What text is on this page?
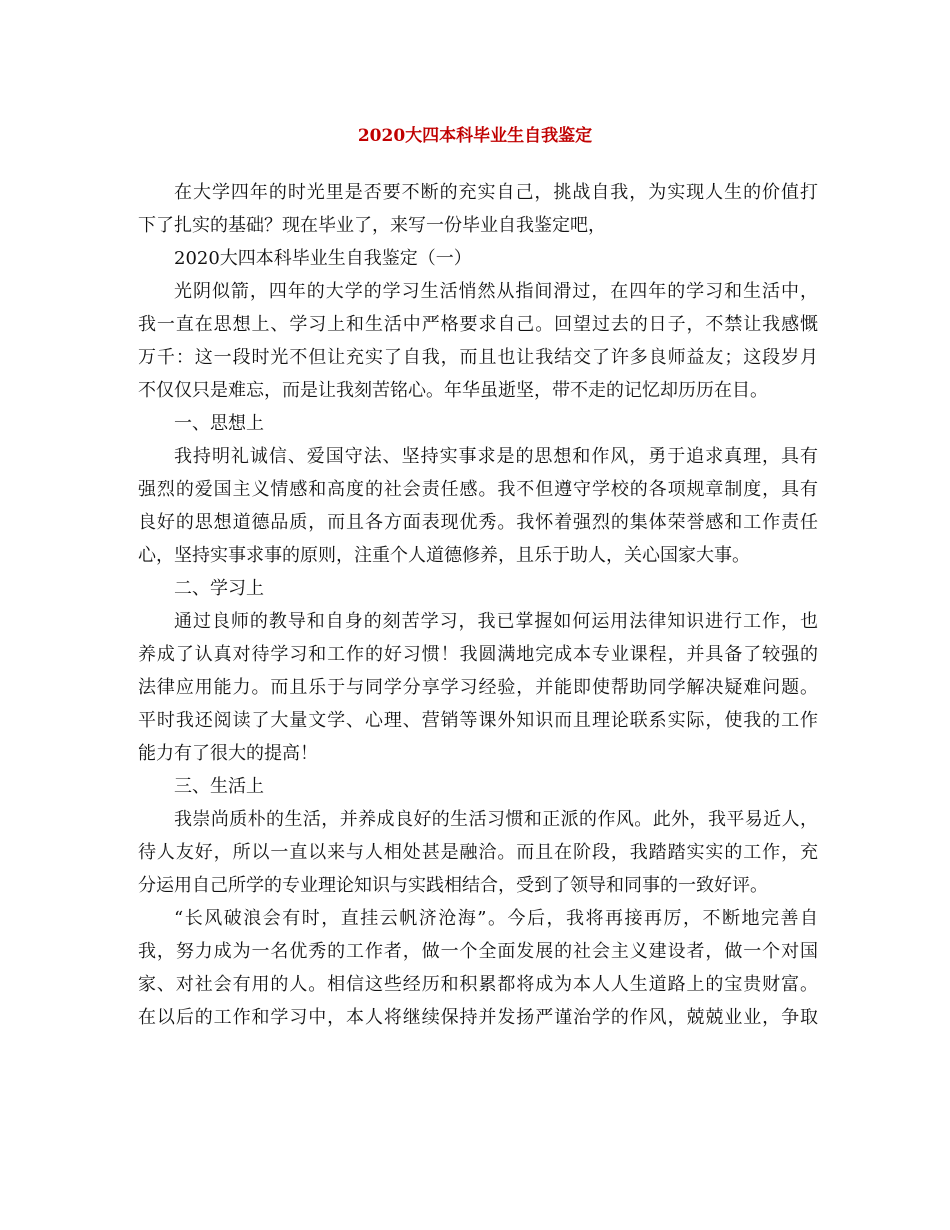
2020大四本科毕业生自我鉴定
在大学四年的时光里是否要不断的充实自己，挑战自我，为实现人生的价值打
下了扎实的基础？现在毕业了，来写一份毕业自我鉴定吧，
2020大四本科毕业生自我鉴定（一）
光阴似箭，四年的大学的学习生活悄然从指间滑过，在四年的学习和生活中，
我一直在思想上、学习上和生活中严格要求自己。回望过去的日子，不禁让我感慨
万千：这一段时光不但让充实了自我，而且也让我结交了许多良师益友；这段岁月
不仅仅只是难忘，而是让我刻苦铭心。年华虽逝坚，带不走的记忆却历历在目。
一、思想上
我持明礼诚信、爱国守法、坚持实事求是的思想和作风，勇于追求真理，具有
强烈的爱国主义情感和高度的社会责任感。我不但遵守学校的各项规章制度，具有
良好的思想道德品质，而且各方面表现优秀。我怀着强烈的集体荣誉感和工作责任
心，坚持实事求事的原则，注重个人道德修养，且乐于助人，关心国家大事。
二、学习上
通过良师的教导和自身的刻苦学习，我已掌握如何运用法律知识进行工作，也
养成了认真对待学习和工作的好习惯！我圆满地完成本专业课程，并具备了较强的
法律应用能力。而且乐于与同学分享学习经验，并能即使帮助同学解决疑难问题。
平时我还阅读了大量文学、心理、营销等课外知识而且理论联系实际，使我的工作
能力有了很大的提高！
三、生活上
我崇尚质朴的生活，并养成良好的生活习惯和正派的作风。此外，我平易近人，
待人友好，所以一直以来与人相处甚是融洽。而且在阶段，我踏踏实实的工作，充
分运用自己所学的专业理论知识与实践相结合，受到了领导和同事的一致好评。
“长风破浪会有时，直挂云帆济沧海”。今后，我将再接再厉，不断地完善自
我，努力成为一名优秀的工作者，做一个全面发展的社会主义建设者，做一个对国
家、对社会有用的人。相信这些经历和积累都将成为本人人生道路上的宝贵财富。
在以后的工作和学习中，本人将继续保持并发扬严谨治学的作风，兢兢业业，争取
